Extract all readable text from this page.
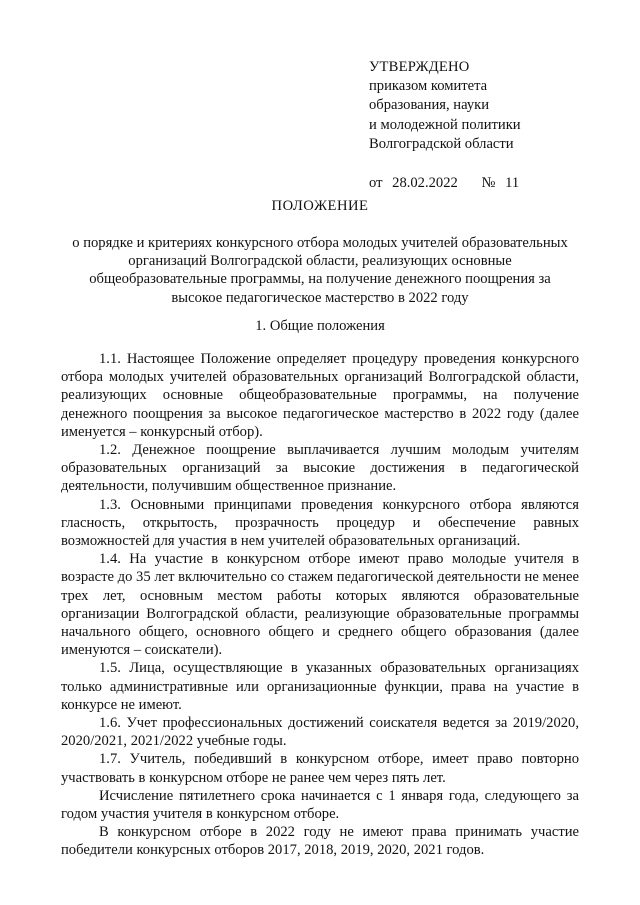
УТВЕРЖДЕНО
приказом комитета
образования, науки
и молодежной политики
Волгоградской области
от 28.02.2022 № 11
ПОЛОЖЕНИЕ
о порядке и критериях конкурсного отбора молодых учителей образовательных организаций Волгоградской области, реализующих основные общеобразовательные программы, на получение денежного поощрения за высокое педагогическое мастерство в 2022 году
1. Общие положения

1.1. Настоящее Положение определяет процедуру проведения конкурсного отбора молодых учителей образовательных организаций Волгоградской области, реализующих основные общеобразовательные программы, на получение денежного поощрения за высокое педагогическое мастерство в 2022 году (далее именуется – конкурсный отбор).

1.2. Денежное поощрение выплачивается лучшим молодым учителям образовательных организаций за высокие достижения в педагогической деятельности, получившим общественное признание.

1.3. Основными принципами проведения конкурсного отбора являются гласность, открытость, прозрачность процедур и обеспечение равных возможностей для участия в нем учителей образовательных организаций.

1.4. На участие в конкурсном отборе имеют право молодые учителя в возрасте до 35 лет включительно со стажем педагогической деятельности не менее трех лет, основным местом работы которых являются образовательные организации Волгоградской области, реализующие образовательные программы начального общего, основного общего и среднего общего образования (далее именуются – соискатели).

1.5. Лица, осуществляющие в указанных образовательных организациях только административные или организационные функции, права на участие в конкурсе не имеют.

1.6. Учет профессиональных достижений соискателя ведется за 2019/2020, 2020/2021, 2021/2022 учебные годы.

1.7. Учитель, победивший в конкурсном отборе, имеет право повторно участвовать в конкурсном отборе не ранее чем через пять лет.

Исчисление пятилетнего срока начинается с 1 января года, следующего за годом участия учителя в конкурсном отборе.

В конкурсном отборе в 2022 году не имеют права принимать участие победители конкурсных отборов 2017, 2018, 2019, 2020, 2021 годов.
